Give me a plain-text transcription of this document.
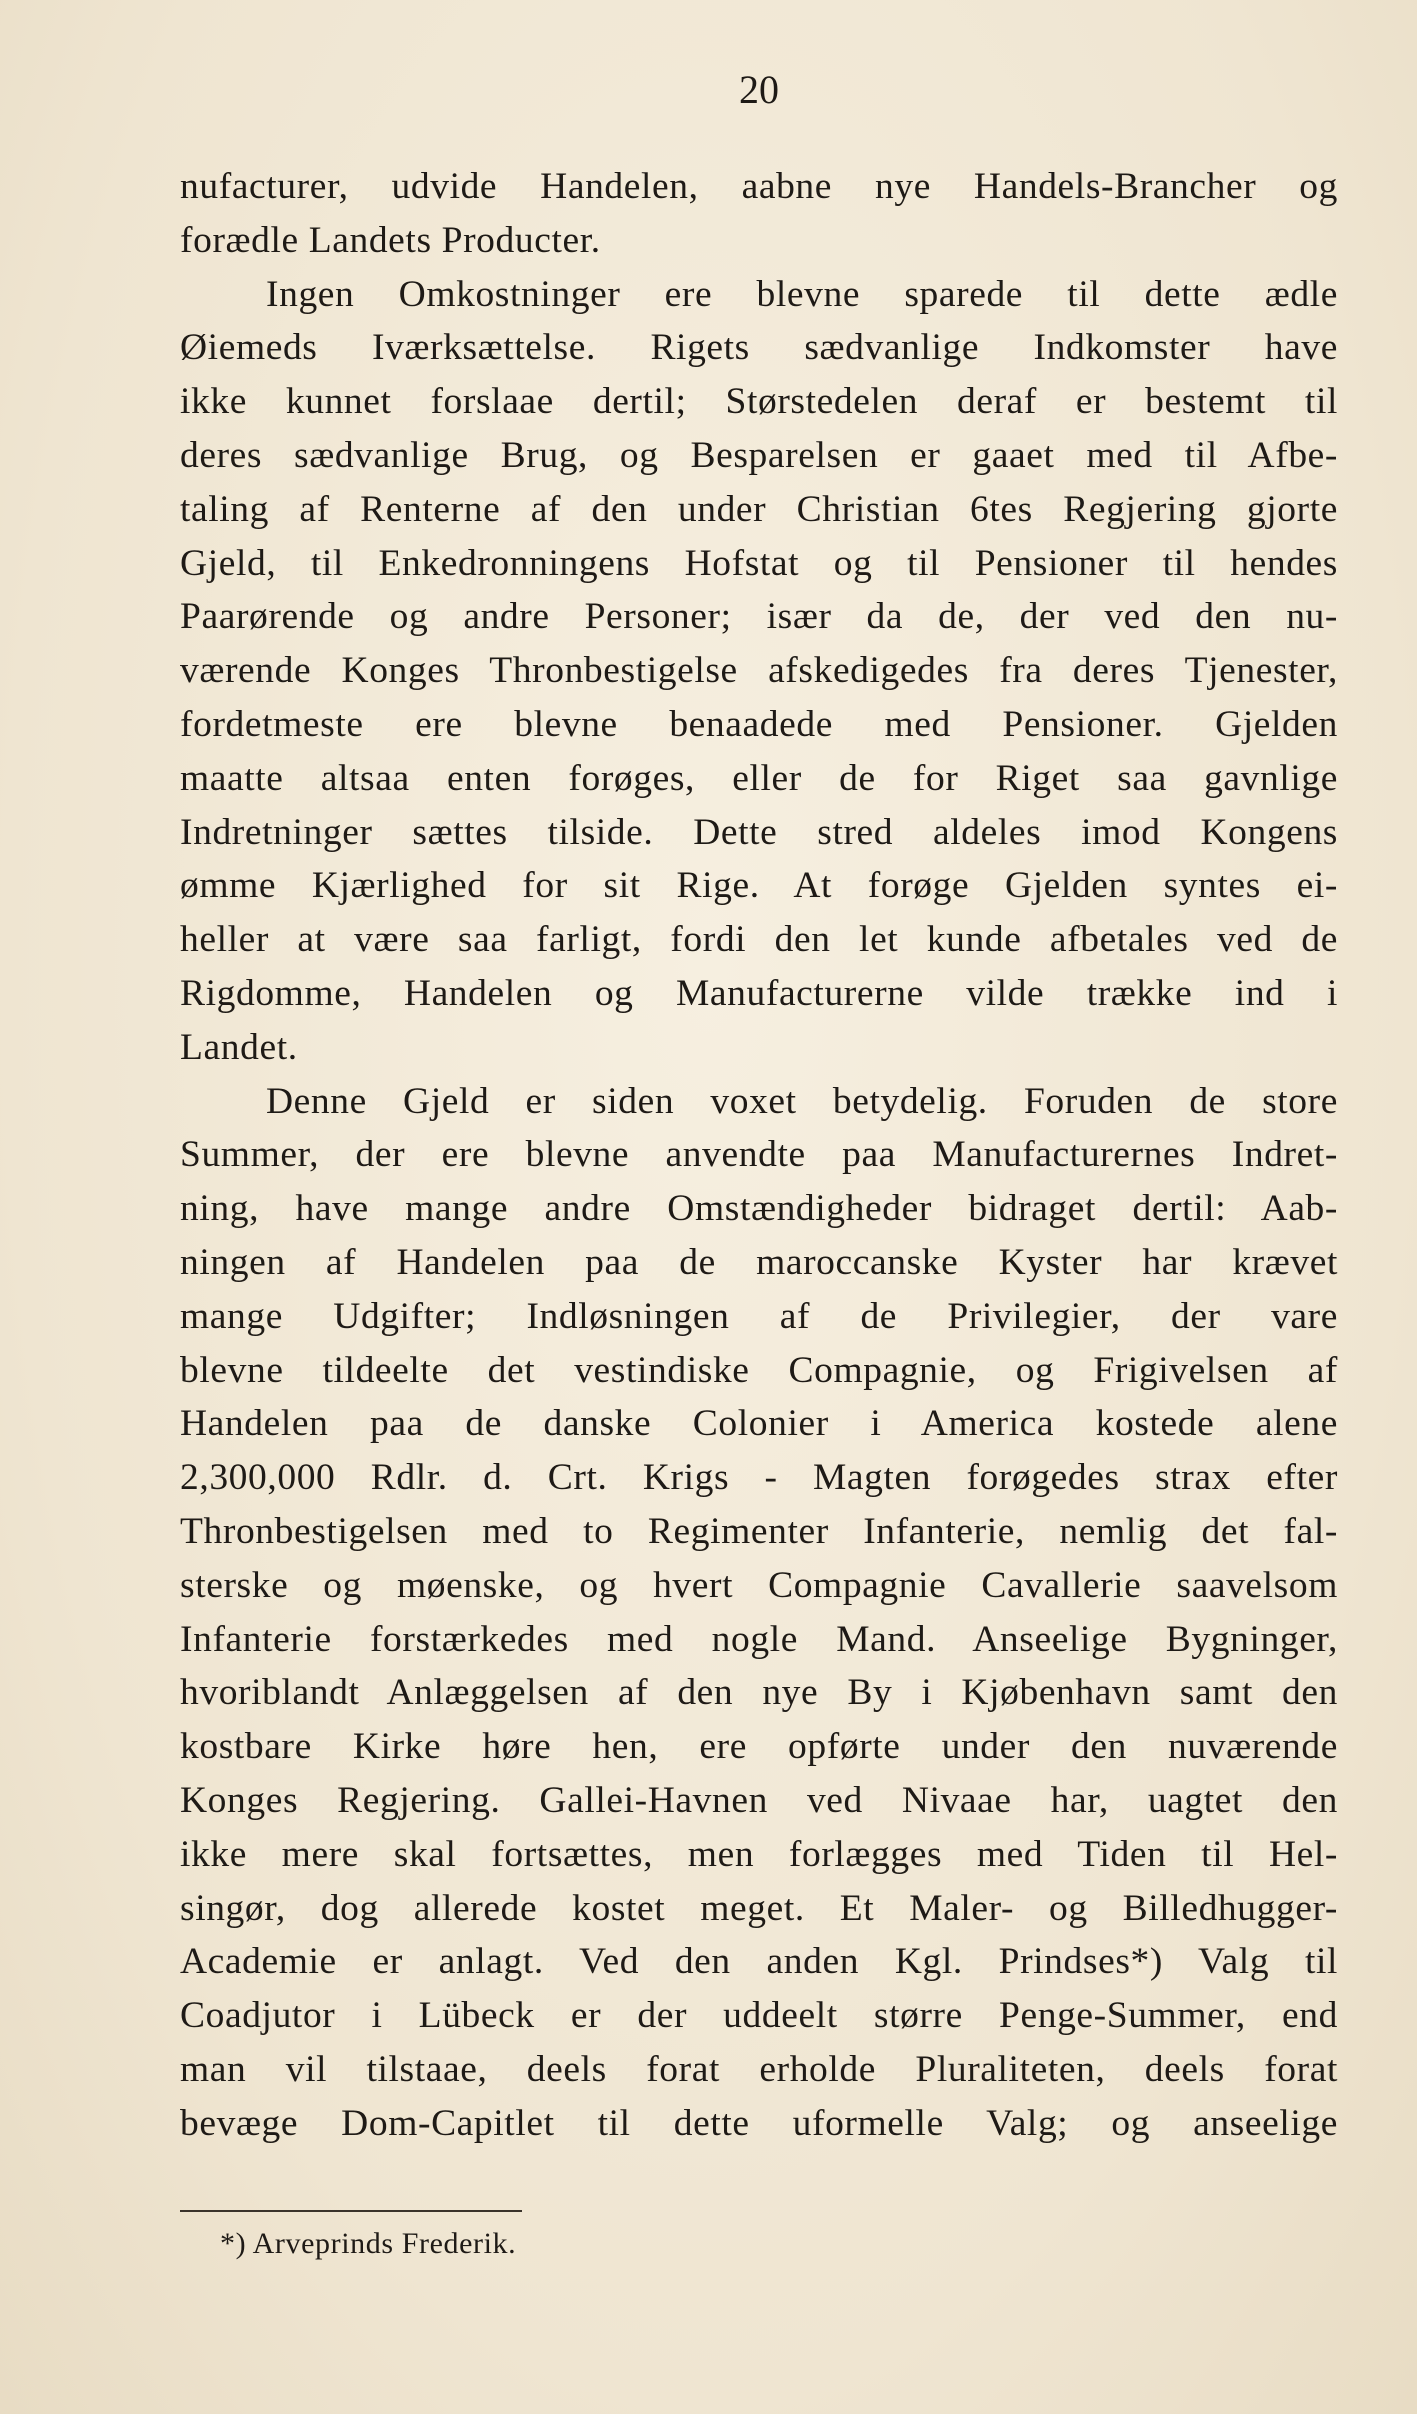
20
nufacturer, udvide Handelen, aabne nye Handels-Brancher og
forædle Landets Producter.
Ingen Omkostninger ere blevne sparede til dette ædle
Øiemeds Iværksættelse. Rigets sædvanlige Indkomster have
ikke kunnet forslaae dertil; Størstedelen deraf er bestemt til
deres sædvanlige Brug, og Besparelsen er gaaet med til Afbe-
taling af Renterne af den under Christian 6tes Regjering gjorte
Gjeld, til Enkedronningens Hofstat og til Pensioner til hendes
Paarørende og andre Personer; især da de, der ved den nu-
værende Konges Thronbestigelse afskedigedes fra deres Tjenester,
fordetmeste ere blevne benaadede med Pensioner. Gjelden
maatte altsaa enten forøges, eller de for Riget saa gavnlige
Indretninger sættes tilside. Dette stred aldeles imod Kongens
ømme Kjærlighed for sit Rige. At forøge Gjelden syntes ei-
heller at være saa farligt, fordi den let kunde afbetales ved de
Rigdomme, Handelen og Manufacturerne vilde trække ind i
Landet.
Denne Gjeld er siden voxet betydelig. Foruden de store
Summer, der ere blevne anvendte paa Manufacturernes Indret-
ning, have mange andre Omstændigheder bidraget dertil: Aab-
ningen af Handelen paa de maroccanske Kyster har krævet
mange Udgifter; Indløsningen af de Privilegier, der vare
blevne tildeelte det vestindiske Compagnie, og Frigivelsen af
Handelen paa de danske Colonier i America kostede alene
2,300,000 Rdlr. d. Crt. Krigs - Magten forøgedes strax efter
Thronbestigelsen med to Regimenter Infanterie, nemlig det fal-
sterske og møenske, og hvert Compagnie Cavallerie saavelsom
Infanterie forstærkedes med nogle Mand. Anseelige Bygninger,
hvoriblandt Anlæggelsen af den nye By i Kjøbenhavn samt den
kostbare Kirke høre hen, ere opførte under den nuværende
Konges Regjering. Gallei-Havnen ved Nivaae har, uagtet den
ikke mere skal fortsættes, men forlægges med Tiden til Hel-
singør, dog allerede kostet meget. Et Maler- og Billedhugger-
Academie er anlagt. Ved den anden Kgl. Prindses*) Valg til
Coadjutor i Lübeck er der uddeelt større Penge-Summer, end
man vil tilstaae, deels forat erholde Pluraliteten, deels forat
bevæge Dom-Capitlet til dette uformelle Valg; og anseelige
*) Arveprinds Frederik.
